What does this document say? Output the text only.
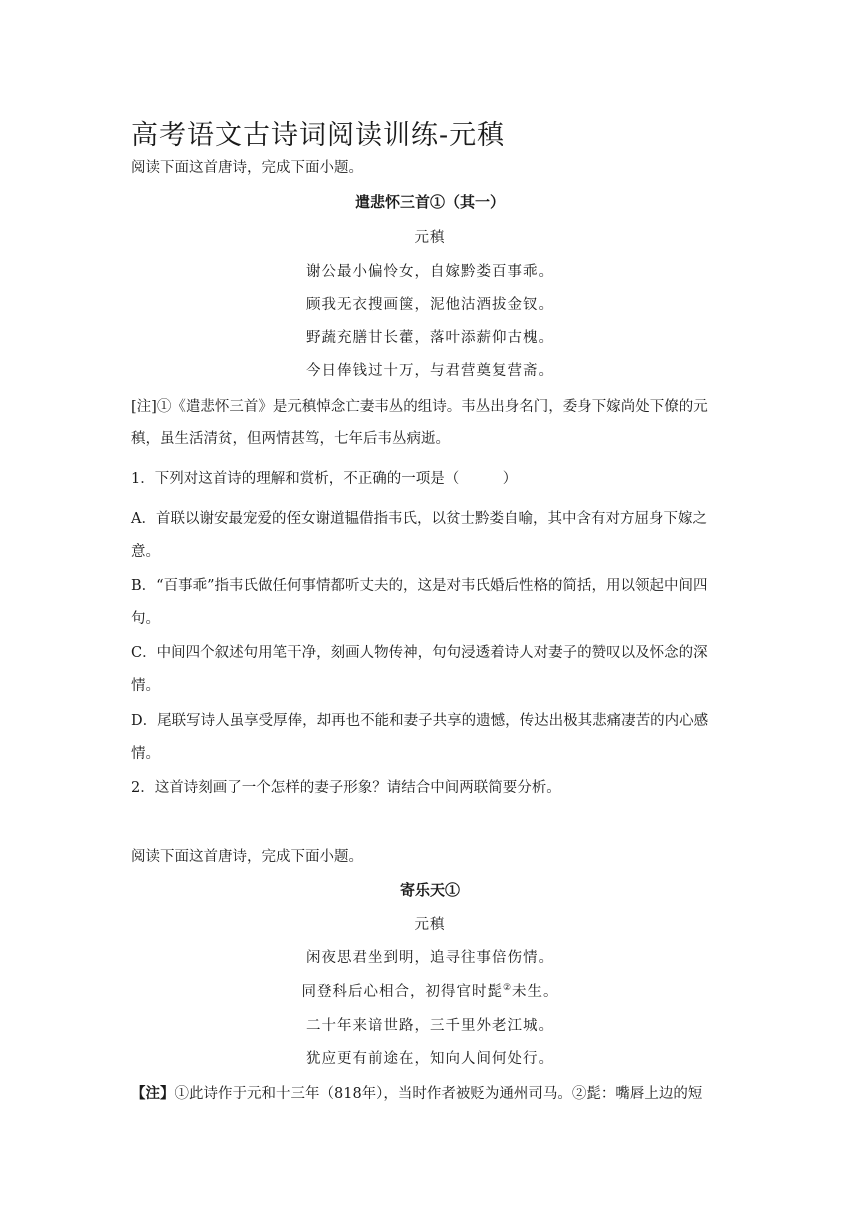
高考语文古诗词阅读训练-元稹
阅读下面这首唐诗，完成下面小题。
遣悲怀三首①（其一）
元稹
谢公最小偏怜女，自嫁黔娄百事乖。
顾我无衣搜画箧，泥他沽酒拔金钗。
野蔬充膳甘长藿，落叶添薪仰古槐。
今日俸钱过十万，与君营奠复营斋。
[注]①《遣悲怀三首》是元稹悼念亡妻韦丛的组诗。韦丛出身名门，委身下嫁尚处下僚的元
稹，虽生活清贫，但两情甚笃，七年后韦丛病逝。
1．下列对这首诗的理解和赏析，不正确的一项是（　　　）
A．首联以谢安最宠爱的侄女谢道韫借指韦氏，以贫士黔娄自喻，其中含有对方屈身下嫁之
意。
B．“百事乖”指韦氏做任何事情都听丈夫的，这是对韦氏婚后性格的简括，用以领起中间四
句。
C．中间四个叙述句用笔干净，刻画人物传神，句句浸透着诗人对妻子的赞叹以及怀念的深
情。
D．尾联写诗人虽享受厚俸，却再也不能和妻子共享的遗憾，传达出极其悲痛凄苦的内心感
情。
2．这首诗刻画了一个怎样的妻子形象？请结合中间两联简要分析。
阅读下面这首唐诗，完成下面小题。
寄乐天①
元稹
闲夜思君坐到明，追寻往事倍伤情。
同登科后心相合，初得官时髭②未生。
二十年来谙世路，三千里外老江城。
犹应更有前途在，知向人间何处行。
【注】①此诗作于元和十三年（818年），当时作者被贬为通州司马。②髭：嘴唇上边的短
